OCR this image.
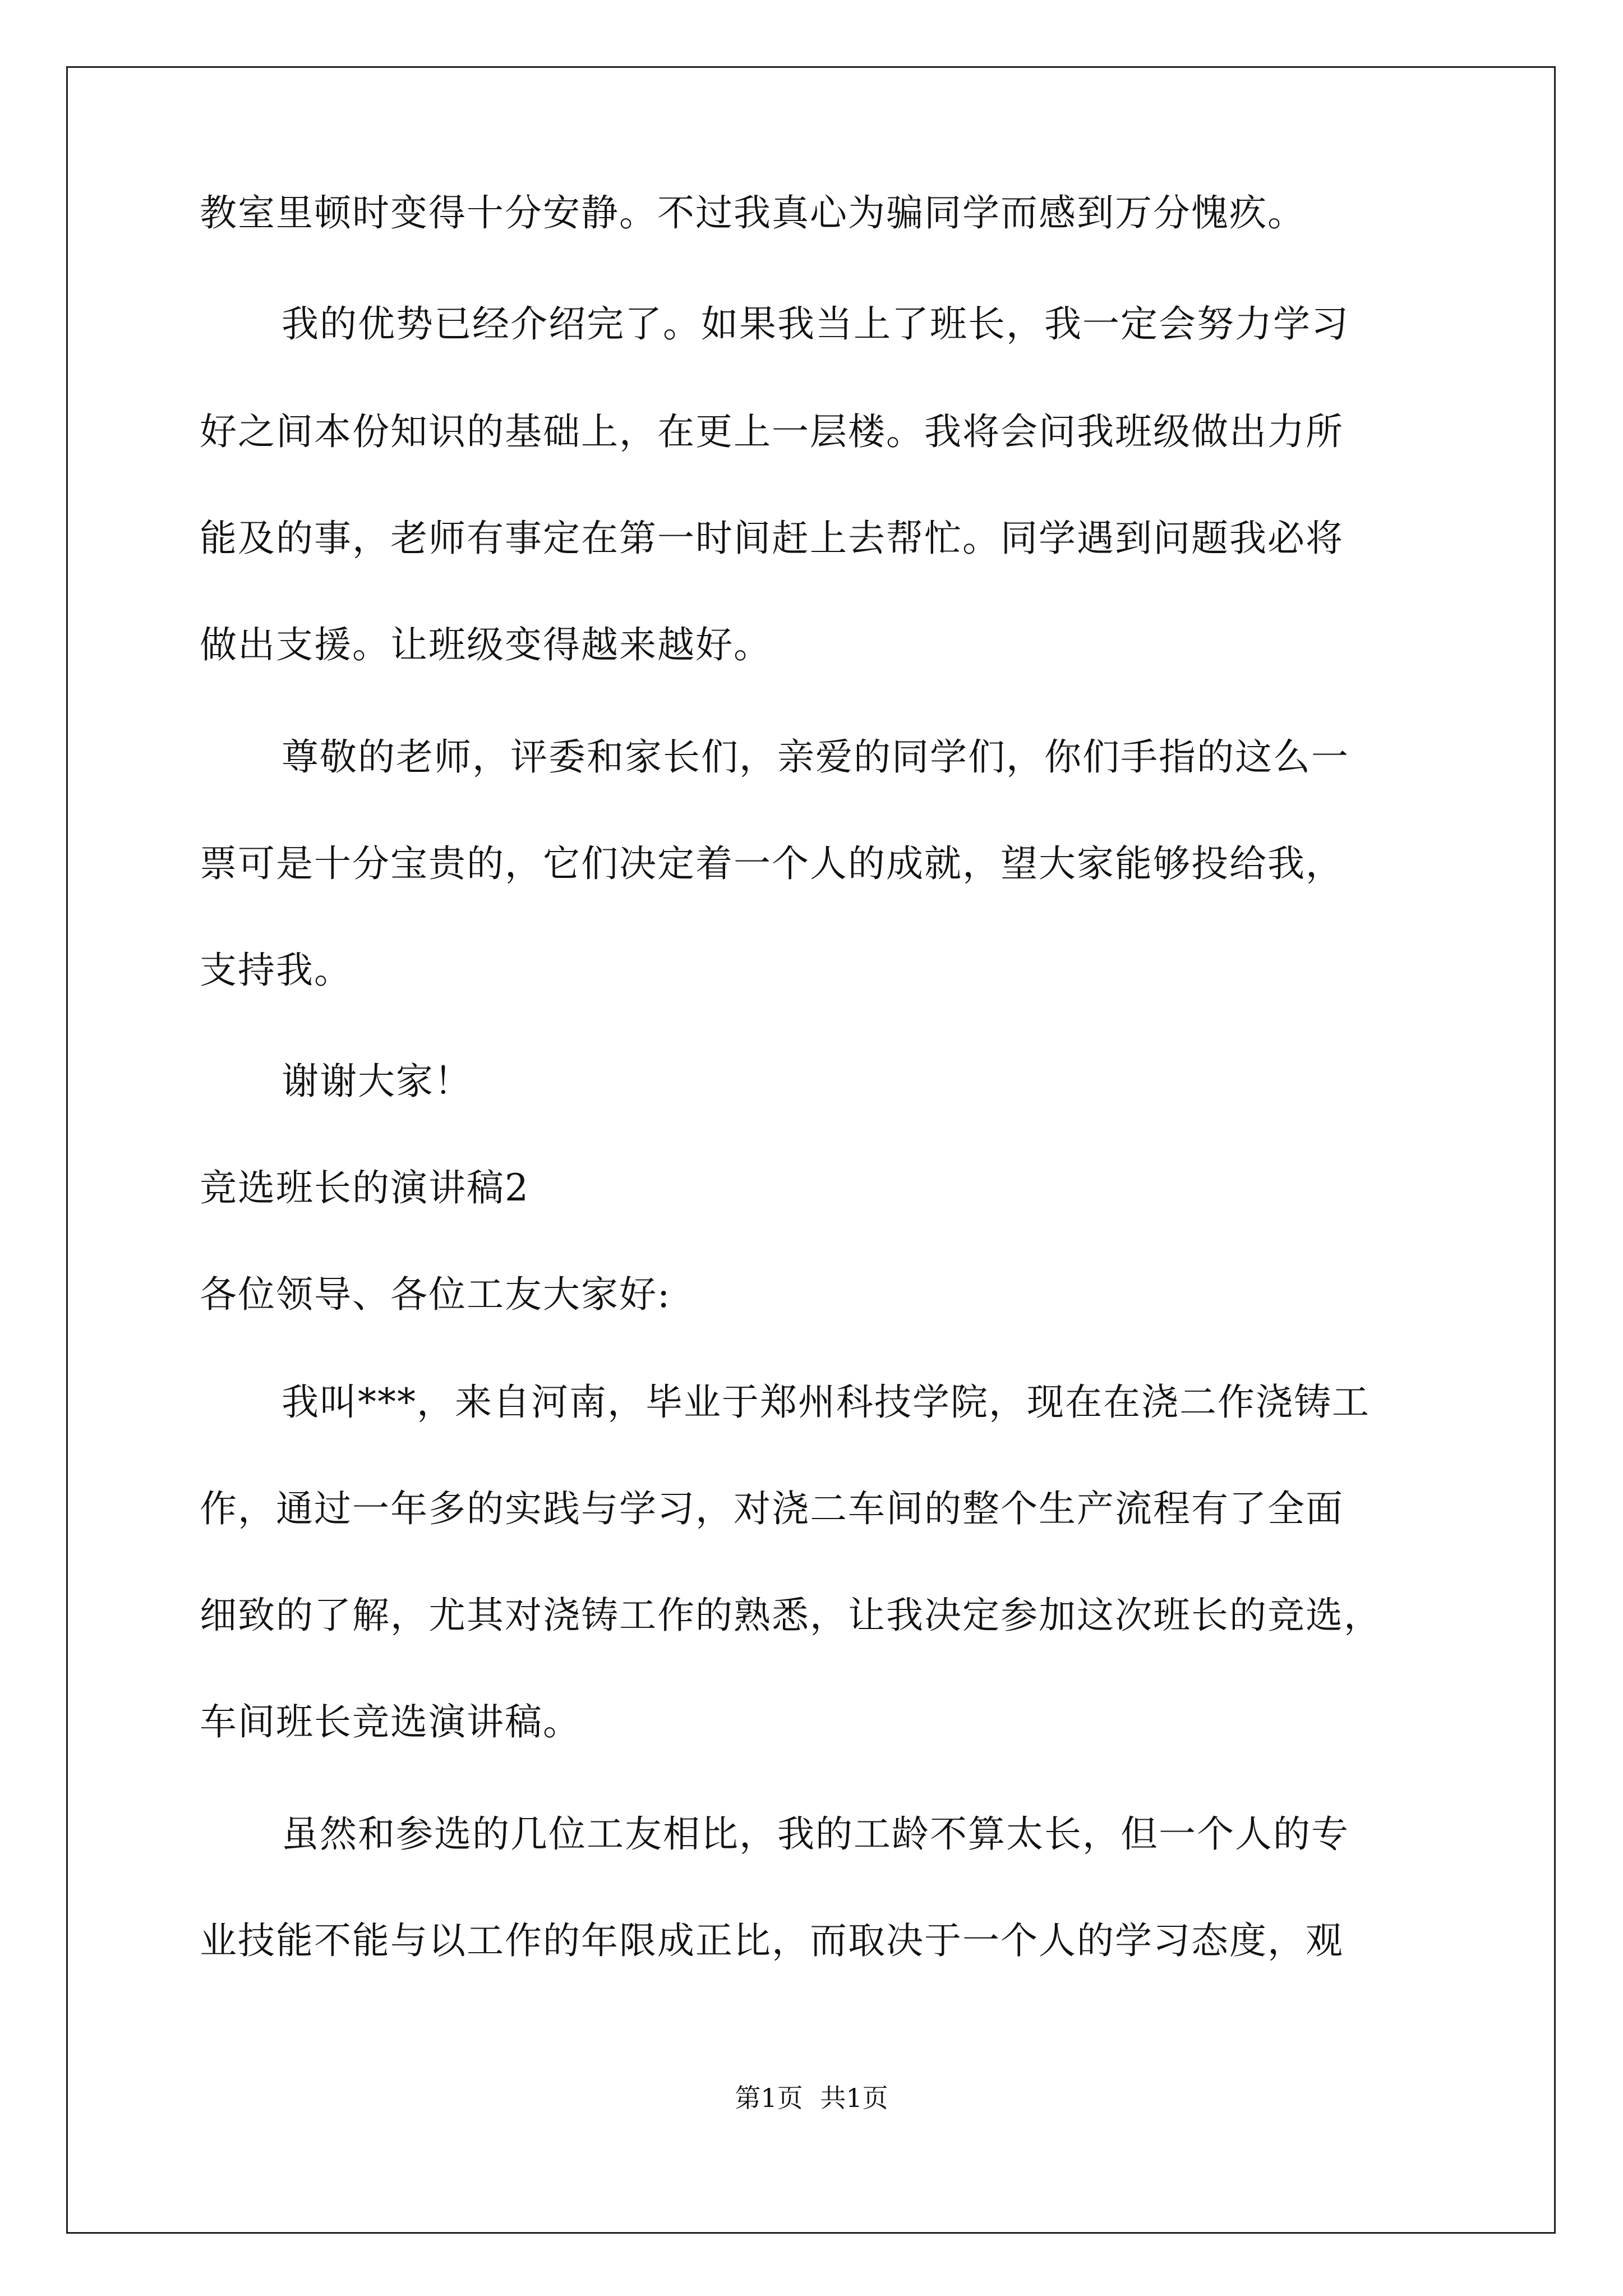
教室里顿时变得十分安静。不过我真心为骗同学而感到万分愧疚。
我的优势已经介绍完了。如果我当上了班长，我一定会努力学习
好之间本份知识的基础上，在更上一层楼。我将会问我班级做出力所
能及的事，老师有事定在第一时间赶上去帮忙。同学遇到问题我必将
做出支援。让班级变得越来越好。
尊敬的老师，评委和家长们，亲爱的同学们，你们手指的这么一
票可是十分宝贵的，它们决定着一个人的成就，望大家能够投给我，
支持我。
谢谢大家！
竞选班长的演讲稿2
各位领导、各位工友大家好:
我叫***，来自河南，毕业于郑州科技学院，现在在浇二作浇铸工
作，通过一年多的实践与学习，对浇二车间的整个生产流程有了全面
细致的了解，尤其对浇铸工作的熟悉，让我决定参加这次班长的竞选，
车间班长竞选演讲稿。
虽然和参选的几位工友相比，我的工龄不算太长，但一个人的专
业技能不能与以工作的年限成正比，而取决于一个人的学习态度，观
第1页 共1页
